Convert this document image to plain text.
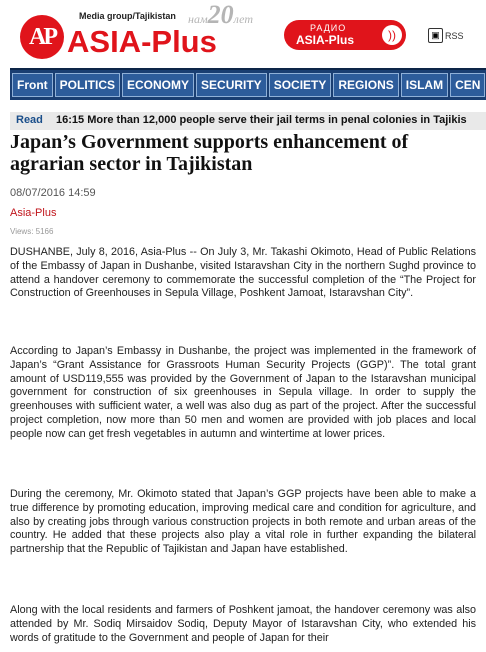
AP
Media group/Tajikistan
ASIA-Plus
нам20лет
РАДИО
ASIA-Plus	))	▣ RSS
Front POLITICS ECONOMY SECURITY SOCIETY REGIONS ISLAM CEN
Read 16:15 More than 12,000 people serve their jail terms in penal colonies in Tajikis
Japan’s Government supports enhancement of agrarian sector in Tajikistan
08/07/2016 14:59
Asia-Plus
Views: 5166

DUSHANBE, July 8, 2016, Asia-Plus -- On July 3, Mr. Takashi Okimoto, Head of Public Relations of the Embassy of Japan in Dushanbe, visited Istaravshan City in the northern Sughd province to attend a handover ceremony to commemorate the successful completion of the “The Project for Construction of Greenhouses in Sepula Village, Poshkent Jamoat, Istaravshan City”.

According to Japan’s Embassy in Dushanbe, the project was implemented in the framework of Japan’s “Grant Assistance for Grassroots Human Security Projects (GGP)”. The total grant amount of USD119,555 was provided by the Government of Japan to the Istaravshan municipal government for construction of six greenhouses in Sepula village. In order to supply the greenhouses with sufficient water, a well was also dug as part of the project. After the successful project completion, now more than 50 men and women are provided with job places and local people now can get fresh vegetables in autumn and wintertime at lower prices.

During the ceremony, Mr. Okimoto stated that Japan’s GGP projects have been able to make a true difference by promoting education, improving medical care and condition for agriculture, and also by creating jobs through various construction projects in both remote and urban areas of the country. He added that these projects also play a vital role in further expanding the bilateral partnership that the Republic of Tajikistan and Japan have established.

Along with the local residents and farmers of Poshkent jamoat, the handover ceremony was also attended by Mr. Sodiq Mirsaidov Sodiq, Deputy Mayor of Istaravshan City, who extended his words of gratitude to the Government and people of Japan for their
